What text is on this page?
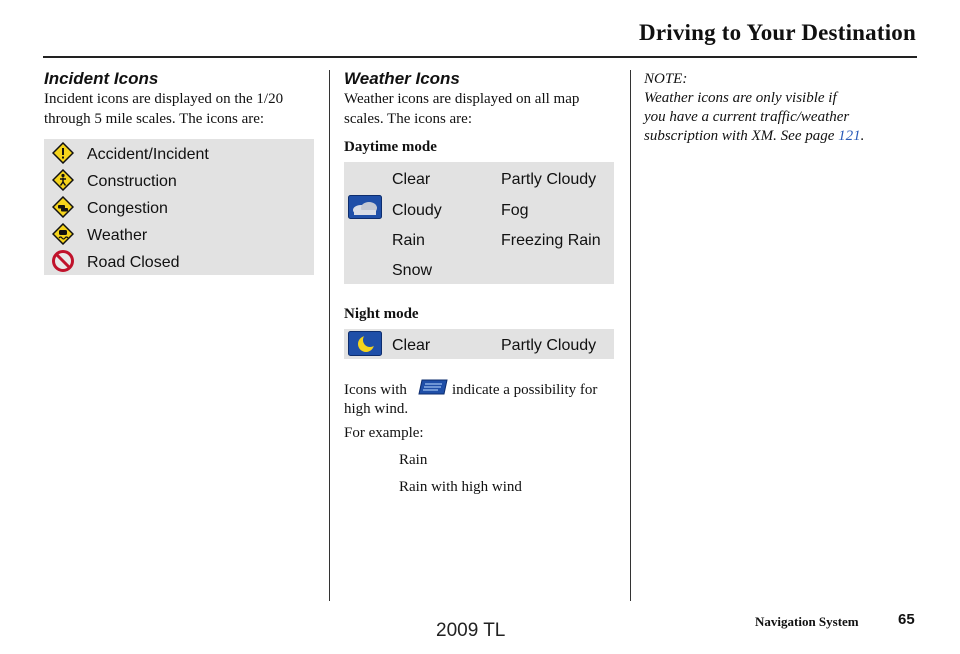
Driving to Your Destination
Incident Icons
Incident icons are displayed on the 1/20 through 5 mile scales. The icons are:
Accident/Incident
Construction
Congestion
Weather
Road Closed
Weather Icons
Weather icons are displayed on all map scales. The icons are:
Daytime mode
Clear	Partly Cloudy
Cloudy	Fog
Rain	Freezing Rain
Snow
Night mode
Clear	Partly Cloudy
Icons with	indicate a possibility for
high wind.
For example:
Rain
Rain with high wind
NOTE:
Weather icons are only visible if
you have a current traffic/weather
subscription with XM. See page 121.
Navigation System	65
2009 TL
